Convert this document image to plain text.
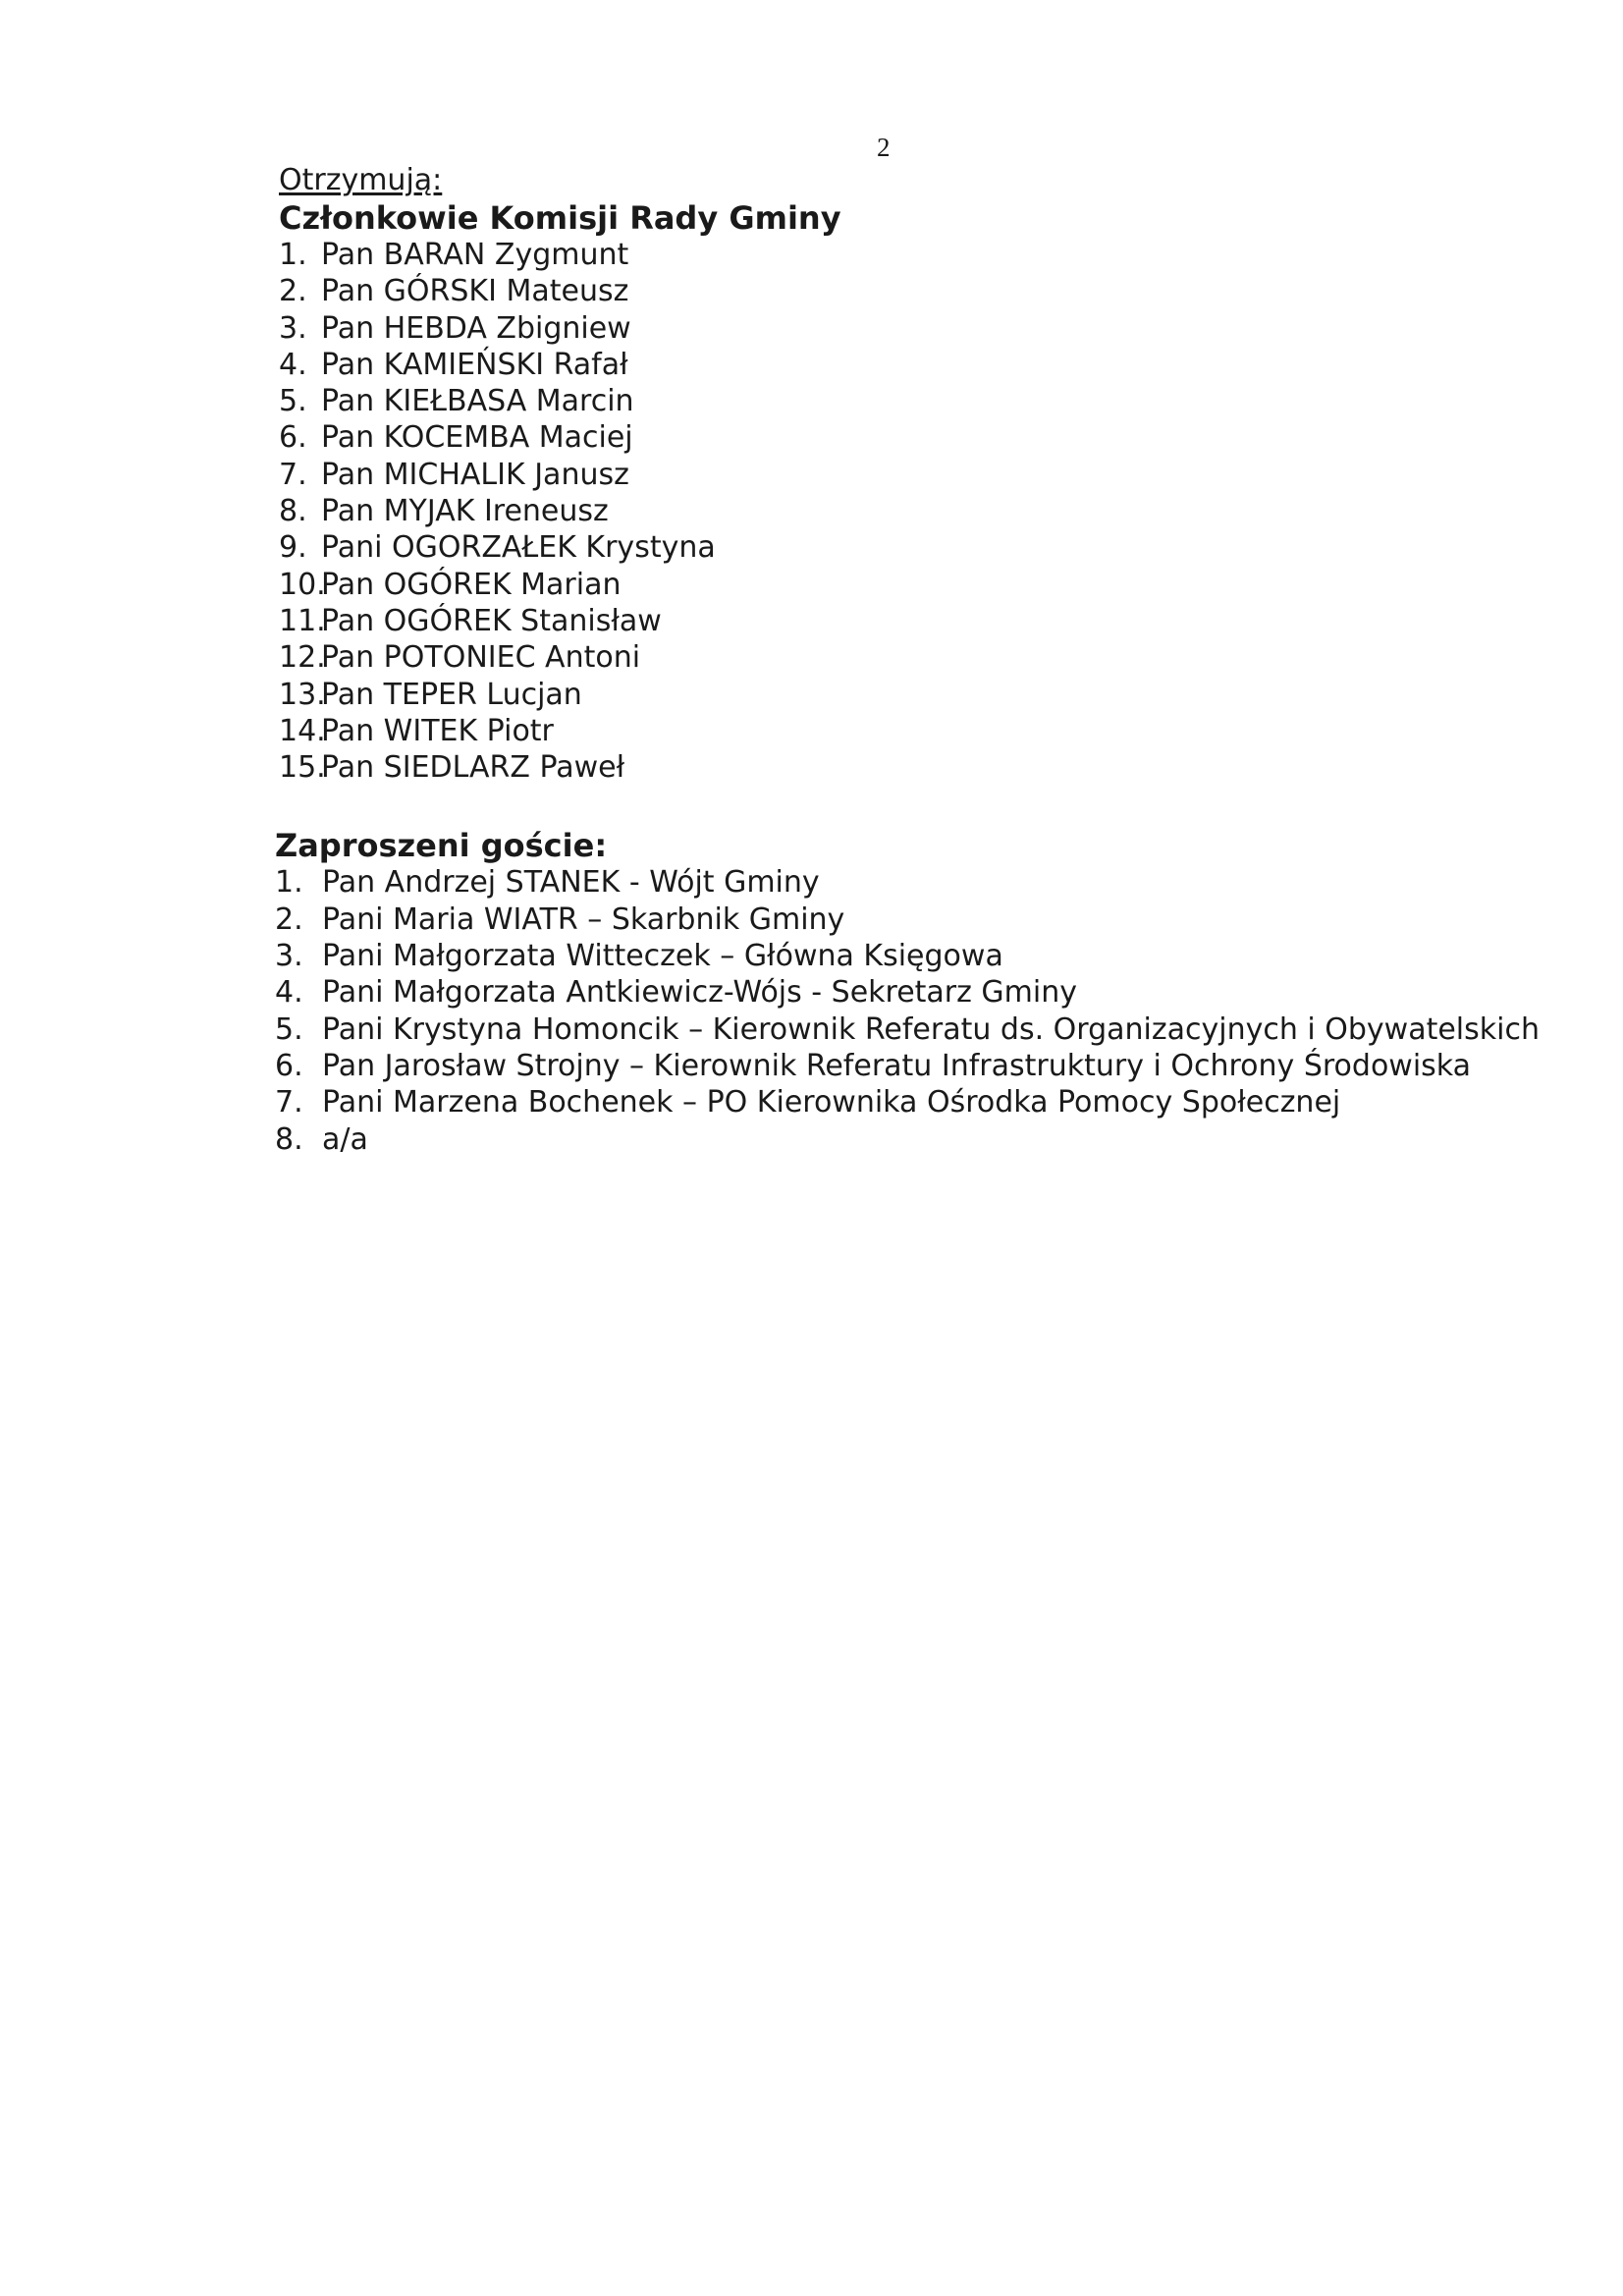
2
Otrzymują:
Członkowie Komisji Rady Gminy
1. Pan BARAN Zygmunt
2. Pan GÓRSKI Mateusz
3. Pan HEBDA Zbigniew
4. Pan KAMIEŃSKI Rafał
5. Pan KIEŁBASA Marcin
6. Pan KOCEMBA Maciej
7. Pan MICHALIK Janusz
8. Pan MYJAK Ireneusz
9. Pani OGORZAŁEK Krystyna
10.
Pan OGÓREK Marian
11.
Pan OGÓREK Stanisław
12.
Pan POTONIEC Antoni
13.
Pan TEPER Lucjan
14.
Pan WITEK Piotr
15.
Pan SIEDLARZ Paweł
Zaproszeni goście:
1. Pan Andrzej STANEK - Wójt Gminy
2. Pani Maria WIATR – Skarbnik Gminy
3. Pani Małgorzata Witteczek – Główna Księgowa
4. Pani Małgorzata Antkiewicz-Wójs - Sekretarz Gminy
5. Pani Krystyna Homoncik – Kierownik Referatu ds. Organizacyjnych i Obywatelskich
6. Pan Jarosław Strojny – Kierownik Referatu Infrastruktury i Ochrony Środowiska
7. Pani Marzena Bochenek – PO Kierownika Ośrodka Pomocy Społecznej
8. a/a
